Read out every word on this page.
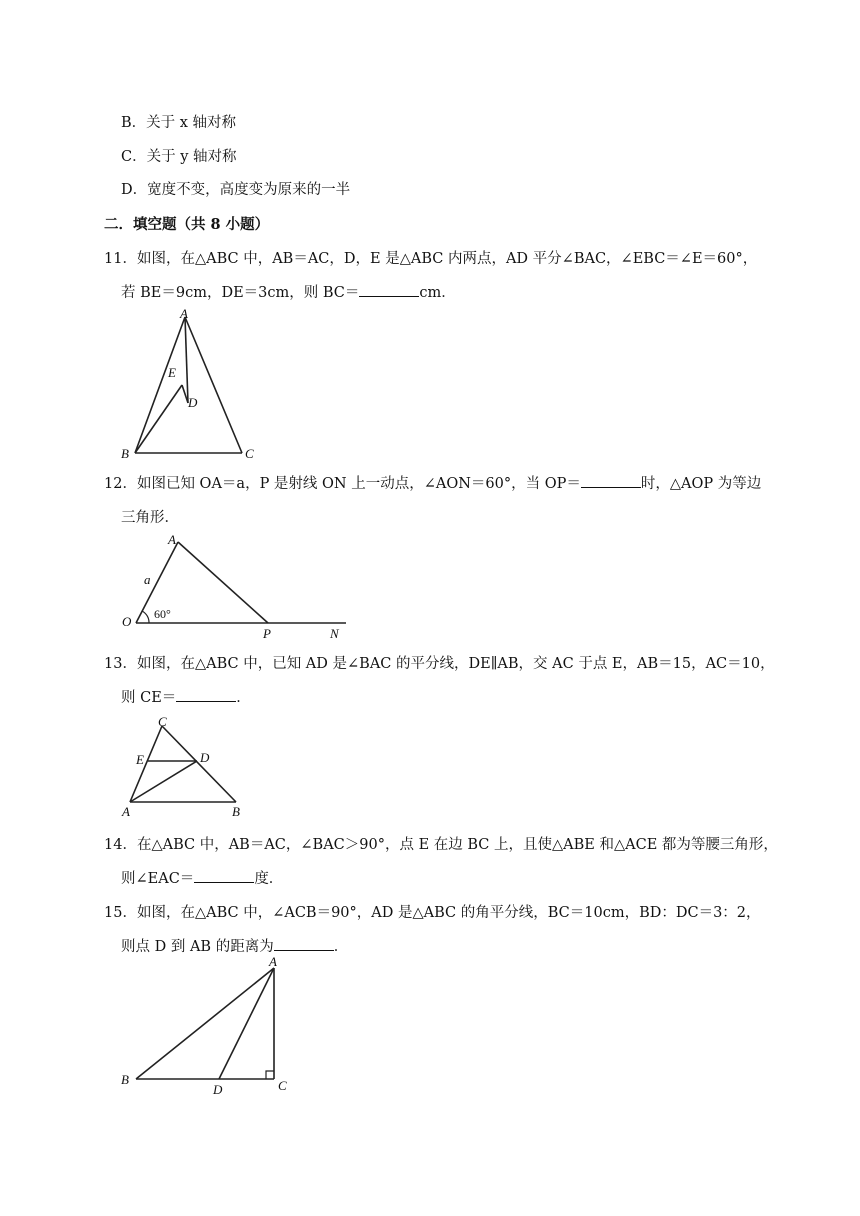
B．关于 x 轴对称
C．关于 y 轴对称
D．宽度不变，高度变为原来的一半
二．填空题（共 8 小题）
11．如图，在△ABC 中，AB＝AC，D，E 是△ABC 内两点，AD 平分∠BAC，∠EBC＝∠E＝60°，
若 BE＝9cm，DE＝3cm，则 BC＝	cm．
A
B	C
D
E
12．如图已知 OA＝a，P 是射线 ON 上一动点，∠AON＝60°，当 OP＝	时，△AOP 为等边
三角形．
A
O
P	N
a
60°
13．如图，在△ABC 中，已知 AD 是∠BAC 的平分线，DE∥AB，交 AC 于点 E，AB＝15，AC＝10，
则 CE＝	．
C
E	D
A	B
14．在△ABC 中，AB＝AC，∠BAC＞90°，点 E 在边 BC 上，且使△ABE 和△ACE 都为等腰三角形，
则∠EAC＝	度．
15．如图，在△ABC 中，∠ACB＝90°，AD 是△ABC 的角平分线，BC＝10cm，BD：DC＝3：2，
则点 D 到 AB 的距离为	．
A
B	C
D
